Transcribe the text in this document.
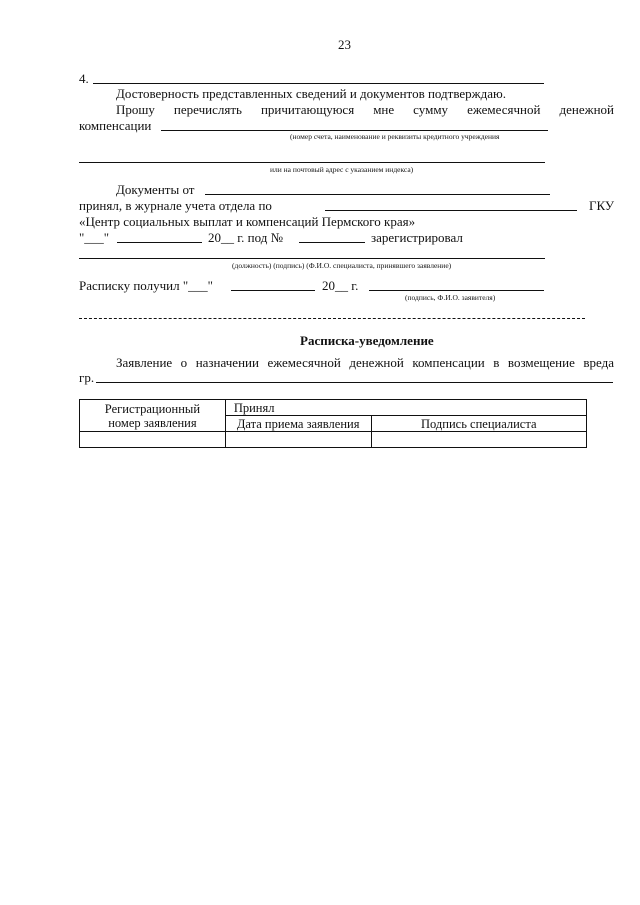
23
4.
Достоверность представленных сведений и документов подтверждаю.
Прошу перечислять причитающуюся мне сумму ежемесячной денежной
компенсации
(номер счета, наименование и реквизиты кредитного учреждения
или на почтовый адрес с указанием индекса)
Документы от
принял, в журнале учета отдела по	ГКУ
«Центр социальных выплат и компенсаций Пермского края»
"___"	20__ г. под №	зарегистрировал
(должность) (подпись) (Ф.И.О. специалиста, принявшего заявление)
Расписку получил "___"	20__ г.
(подпись, Ф.И.О. заявителя)
Расписка-уведомление
Заявление о назначении ежемесячной денежной компенсации в возмещение вреда
гр.
Регистрационный
номер заявления	Принял	
	Дата приема заявления	Подпись специалиста
